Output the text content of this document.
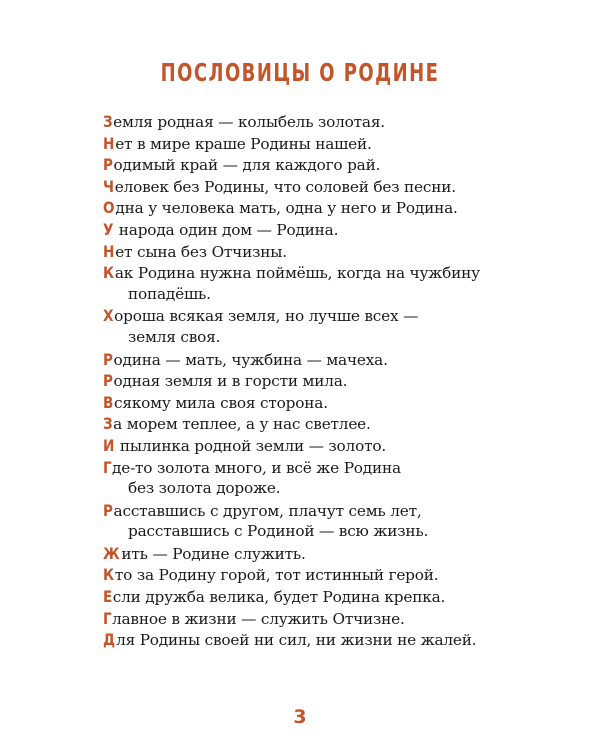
ПОСЛОВИЦЫ О РОДИНЕ
Земля родная — колыбель золотая.
Нет в мире краше Родины нашей.
Родимый край — для каждого рай.
Человек без Родины, что соловей без песни.
Одна у человека мать, одна у него и Родина.
У народа один дом — Родина.
Нет сына без Отчизны.
Как Родина нужна поймёшь, когда на чужбину
попадёшь.
Хороша всякая земля, но лучше всех —
земля своя.
Родина — мать, чужбина — мачеха.
Родная земля и в горсти мила.
Всякому мила своя сторона.
За морем теплее, а у нас светлее.
И пылинка родной земли — золото.
Где-то золота много, и всё же Родина
без золота дороже.
Расставшись с другом, плачут семь лет,
расставшись с Родиной — всю жизнь.
Ж ить — Родине служить.
Кто за Родину горой, тот истинный герой.
Если дружба велика, будет Родина крепка.
Главное в жизни — служить Отчизне.
Для Родины своей ни сил, ни жизни не жалей.
3
